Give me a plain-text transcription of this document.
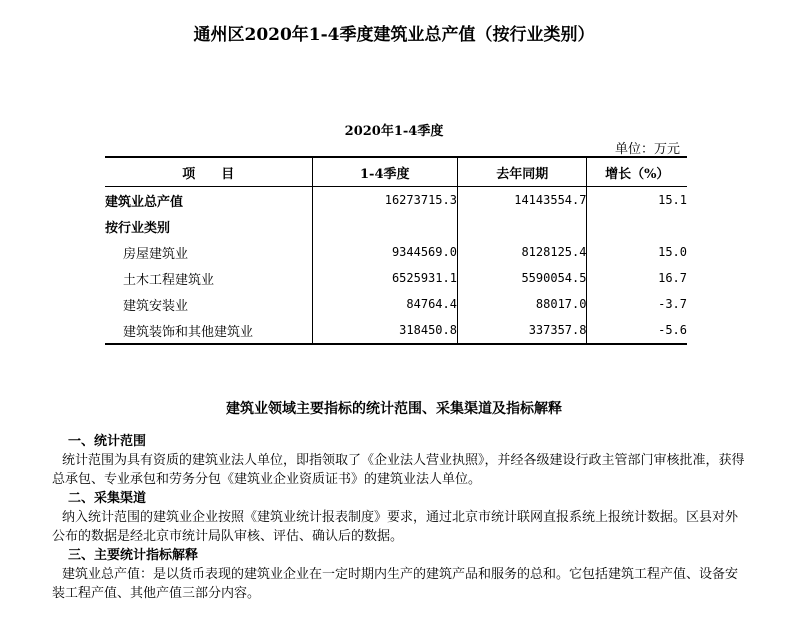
通州区2020年1-4季度建筑业总产值（按行业类别）
2020年1-4季度
单位：万元
项　　目	1-4季度	去年同期	增长（%）
建筑业总产值	16273715.3	14143554.7	15.1
按行业类别			
房屋建筑业	9344569.0	8128125.4	15.0
土木工程建筑业	6525931.1	5590054.5	16.7
建筑安装业	84764.4	88017.0	-3.7
建筑装饰和其他建筑业	318450.8	337357.8	-5.6
建筑业领域主要指标的统计范围、采集渠道及指标解释
一、统计范围
统计范围为具有资质的建筑业法人单位，即指领取了《企业法人营业执照》，并经各级建设行政主管部门审核批准，获得总承包、专业承包和劳务分包《建筑业企业资质证书》的建筑业法人单位。
二、采集渠道
纳入统计范围的建筑业企业按照《建筑业统计报表制度》要求，通过北京市统计联网直报系统上报统计数据。区县对外公布的数据是经北京市统计局队审核、评估、确认后的数据。
三、主要统计指标解释
建筑业总产值：是以货币表现的建筑业企业在一定时期内生产的建筑产品和服务的总和。它包括建筑工程产值、设备安装工程产值、其他产值三部分内容。
